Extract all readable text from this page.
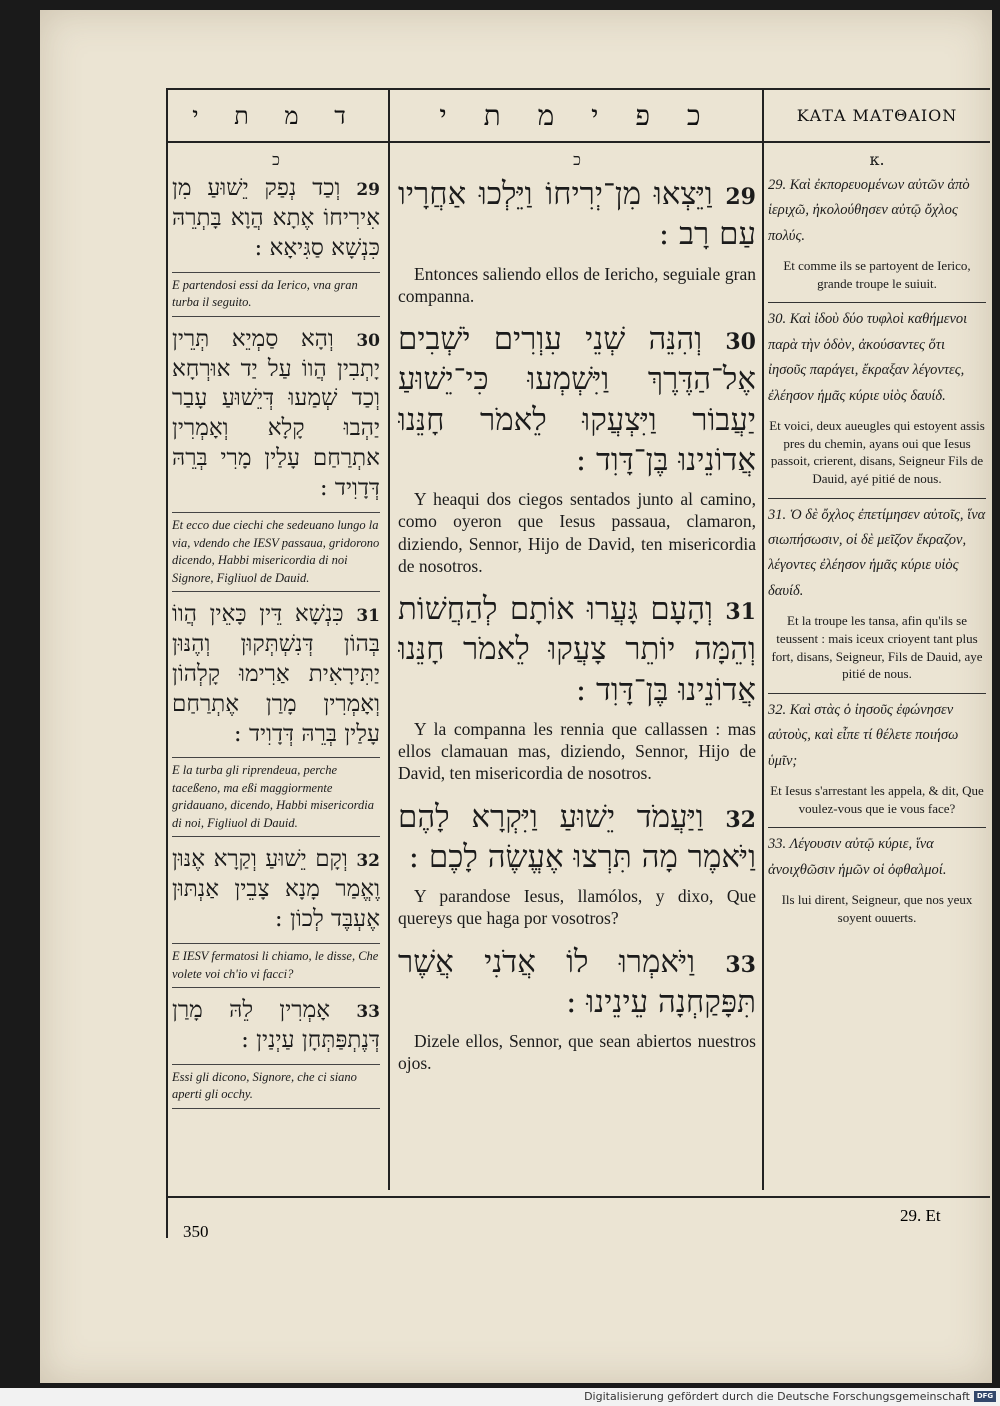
ד מ ת י	כ פ י מ ת י	ΚΑΤΑ ΜΑΤΘΑΙΟΝ
כ
29 וְכַד נְפַק יֵשׁוּעַ מִן אִירִיחוֹ אֶתָא הֲוָא בָּתְרֵהּ כִּנְשָׁא סַגִּיאָא :
E partendosi essi da Ierico, vna gran turba il seguito.
30 וְהָא סַמְיֵא תְּרֵין יָתְבִין הֲווֹ עַל יַד אוּרְחָא וְכַד שְׁמַעוּ דְּיֵשׁוּעַ עָבַר יַהְבוּ קָלָא וְאָמְרִין אתְרַחַם עָלַין מָרִי בְּרֵהּ דְּדָוִיד :
Et ecco due ciechi che sedeuano lungo la via, vdendo che IESV passaua, gridorono dicendo, Habbi misericordia di noi Signore, Figliuol de Dauid.
31 כִּנְשָׁא דֵּין כָּאֵין הֲווֹ בְּהוֹן דְּנִשְׁתְּקוּן וְהֶנּוּן יַתִּירָאִית אַרִימוּ קָלְהוֹן וְאָמְרִין מָרַן אֶתְרַחַם עָלַין בְּרֵהּ דְּדָוִיד :
E la turba gli riprendeua, perche taceßeno, ma eßi maggiormente gridauano, dicendo, Habbi misericordia di noi, Figliuol di Dauid.
32 וְקָם יֵשׁוּעַ וְקַרָא אֶנּוּן וֶאֱמַר מָנָא צָבֵין אַנְתּוּן אֶעְבֶּד לְכוֹן :
E IESV fermatosi li chiamo, le disse, Che volete voi ch'io vi facci?
33 אָמְרִין לֵהּ מָרַן דְּנֶתְפַּתְּחָן עַיְנַין :
Essi gli dicono, Signore, che ci siano aperti gli occhy.
כ
29 וַיֵּצְאוּ מִן־יְרִיחוֹ וַיֵּלְכוּ אַחֲרָיו עַם רָב :
Entonces saliendo ellos de Iericho, seguiale gran companna.
30 וְהִנֵּה שְׁנֵי עִוְרִים יֹשְׁבִים אֶל־הַדֶּרֶךְ וַיִּשְׁמְעוּ כִּי־יֵשׁוּעַ יַעֲבוֹר וַיִּצְעֲקוּ לֵאמֹר חָנֵּנוּ אֲדוֹנֵינוּ בֶּן־דָּוִד :
Y heaqui dos ciegos sentados junto al camino, como oyeron que Iesus passaua, clamaron, diziendo, Sennor, Hijo de David, ten misericordia de nosotros.
31 וְהָעָם גָּעֲרוּ אוֹתָם לְהַחֲשׁוֹת וְהֵמָּה יוֹתֵר צָעֲקוּ לֵאמֹר חָנֵּנוּ אֲדוֹנֵינוּ בֶּן־דָּוִד :
Y la companna les rennia que callassen : mas ellos clamauan mas, diziendo, Sennor, Hijo de David, ten misericordia de nosotros.
32 וַיַּעֲמֹד יֵשׁוּעַ וַיִּקְרָא לָהֶם וַיֹּאמֶר מָה תִּרְצוּ אֶעֱשֶׂה לָכֶם :
Y parandose Iesus, llamólos, y dixo, Que quereys que haga por vosotros?
33 וַיֹּאמְרוּ לוֹ אֲדֹנִי אֲשֶׁר תִּפָּקַחְנָה עֵינֵינוּ :
Dizele ellos, Sennor, que sean abiertos nuestros ojos.
κ.
29. Καὶ ἐκπορευομένων αὐτῶν ἀπὸ ἱεριχῶ, ἠκολούθησεν αὐτῷ ὄχλος πολύς.
Et comme ils se partoyent de Ierico, grande troupe le suiuit.
30. Καὶ ἰδοὺ δύο τυφλοὶ καθήμενοι παρὰ τὴν ὁδὸν, ἀκούσαντες ὅτι ἰησοῦς παράγει, ἔκραξαν λέγοντες, ἐλέησον ἡμᾶς κύριε υἱὸς δαυίδ.
Et voici, deux aueugles qui estoyent assis pres du chemin, ayans oui que Iesus passoit, crierent, disans, Seigneur Fils de Dauid, ayé pitié de nous.
31. Ὁ δὲ ὄχλος ἐπετίμησεν αὐτοῖς, ἵνα σιωπήσωσιν, οἱ δὲ μεῖζον ἔκραζον, λέγοντες ἐλέησον ἡμᾶς κύριε υἱὸς δαυίδ.
Et la troupe les tansa, afin qu'ils se teussent : mais iceux crioyent tant plus fort, disans, Seigneur, Fils de Dauid, aye pitié de nous.
32. Καὶ στὰς ὁ ἰησοῦς ἐφώνησεν αὐτοὺς, καὶ εἶπε τί θέλετε ποιήσω ὑμῖν;
Et Iesus s'arrestant les appela, & dit, Que voulez-vous que ie vous face?
33. Λέγουσιν αὐτῷ κύριε, ἵνα ἀνοιχθῶσιν ἡμῶν οἱ ὀφθαλμοί.
Ils lui dirent, Seigneur, que nos yeux soyent ouuerts.
350
29. Et
Digitalisierung gefördert durch die Deutsche Forschungsgemeinschaft DFG
